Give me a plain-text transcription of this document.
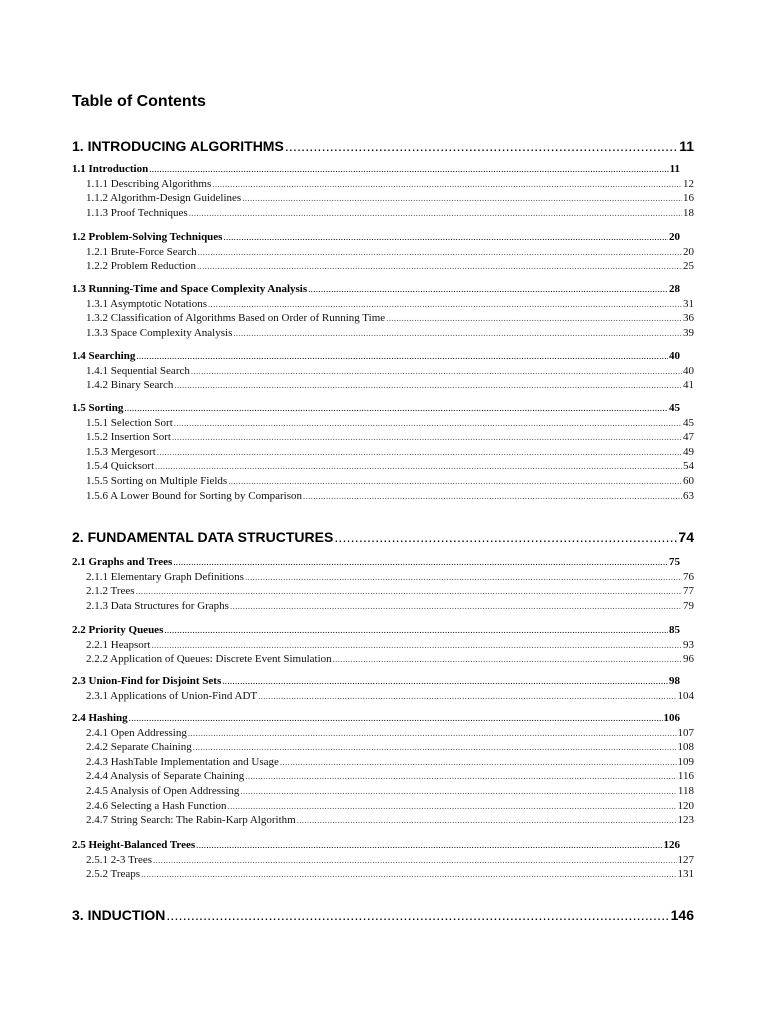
Table of Contents
1. INTRODUCING ALGORITHMS .....	11
1.1 Introduction .....	11
1.1.1 Describing Algorithms .....	12
1.1.2 Algorithm-Design Guidelines .....	16
1.1.3 Proof Techniques .....	18
1.2 Problem-Solving Techniques .....	20
1.2.1 Brute-Force Search .....	20
1.2.2 Problem Reduction .....	25
1.3 Running-Time and Space Complexity Analysis .....	28
1.3.1 Asymptotic Notations .....	31
1.3.2 Classification of Algorithms Based on Order of Running Time .....	36
1.3.3 Space Complexity Analysis .....	39
1.4 Searching .....	40
1.4.1 Sequential Search .....	40
1.4.2 Binary Search .....	41
1.5 Sorting .....	45
1.5.1 Selection Sort .....	45
1.5.2 Insertion Sort .....	47
1.5.3 Mergesort .....	49
1.5.4 Quicksort .....	54
1.5.5 Sorting on Multiple Fields .....	60
1.5.6 A Lower Bound for Sorting by Comparison .....	63
2. FUNDAMENTAL DATA STRUCTURES .....	74
2.1 Graphs and Trees .....	75
2.1.1 Elementary Graph Definitions .....	76
2.1.2 Trees .....	77
2.1.3 Data Structures for Graphs .....	79
2.2 Priority Queues .....	85
2.2.1 Heapsort .....	93
2.2.2 Application of Queues: Discrete Event Simulation .....	96
2.3 Union-Find for Disjoint Sets .....	98
2.3.1 Applications of Union-Find ADT .....	104
2.4 Hashing .....	106
2.4.1 Open Addressing .....	107
2.4.2 Separate Chaining .....	108
2.4.3 HashTable Implementation and Usage .....	109
2.4.4 Analysis of Separate Chaining .....	116
2.4.5 Analysis of Open Addressing .....	118
2.4.6 Selecting a Hash Function .....	120
2.4.7 String Search: The Rabin-Karp Algorithm .....	123
2.5 Height-Balanced Trees .....	126
2.5.1 2-3 Trees .....	127
2.5.2 Treaps .....	131
3. INDUCTION .....	146
